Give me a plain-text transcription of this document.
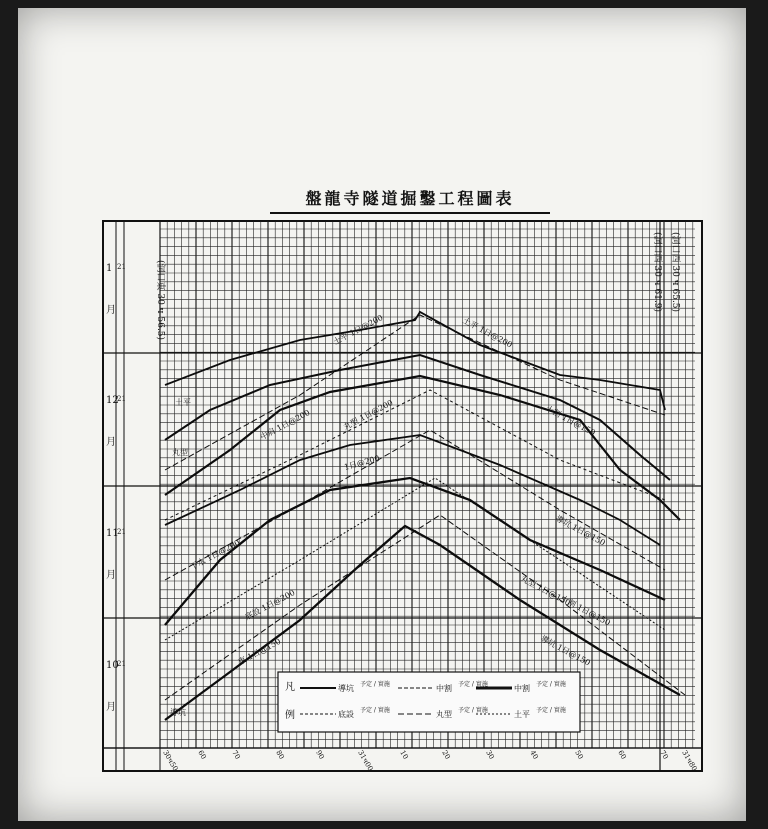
盤龍寺隧道掘鑿工程圖表
1
月
21
12
月
21
11
月
21
10
月
21
(洞口東 30 ч 56.5)	(洞口西 30 ч 61.9) (洞口西 30 ч 65.5)
30ч50 60	70	80	90	31ч00	10	20	30	40	50	60	70 31ч80
土平 1日@200	土平 1日@200
中肩 1日@200	丸型 1日@200
1日@200
下水 1日@200
底設 1日@200
東 1日@150
十割 1日@150
導坑 1日@150
丸型 1日@150
十割 1日@150
導坑 1日@150
土平
丸型
導坑
凡
例
導坑 予定 / 實施	中割 予定 / 實施	中割 予定 / 實施
底設 予定 / 實施	丸型 予定 / 實施	土平 予定 / 實施
